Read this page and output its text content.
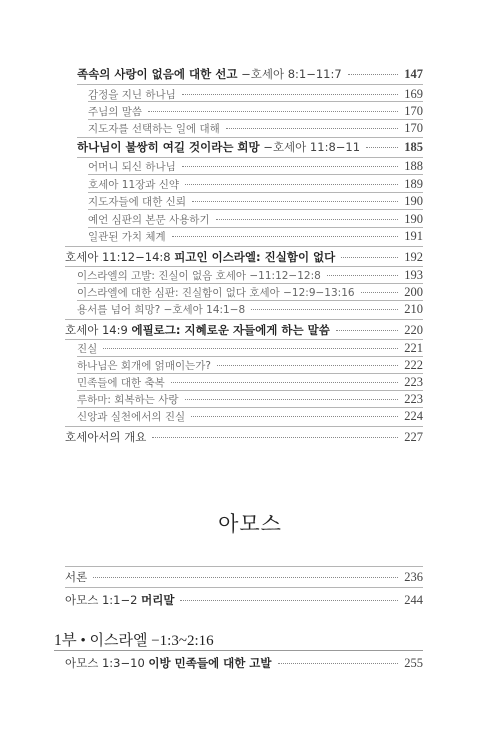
족속의 사랑이 없음에 대한 선고 −호세아 8:1−11:7	147
감정을 지닌 하나님	169
주님의 말씀	170
지도자를 선택하는 일에 대해	170
하나님이 불쌍히 여길 것이라는 희망 −호세아 11:8−11	185
어머니 되신 하나님	188
호세아 11장과 신약	189
지도자들에 대한 신뢰	190
예언 심판의 본문 사용하기	190
일관된 가치 체계	191
호세아 11:12−14:8 피고인 이스라엘: 진실함이 없다	192
이스라엘의 고발: 진실이 없음 호세아 −11:12−12:8	193
이스라엘에 대한 심판: 진실함이 없다 호세아 −12:9−13:16	200
용서를 넘어 희망? −호세아 14:1−8	210
호세아 14:9 에필로그: 지혜로운 자들에게 하는 말씀	220
진실	221
하나님은 회개에 얽매이는가?	222
민족들에 대한 축복	223
루하마: 회복하는 사랑	223
신앙과 실천에서의 진실	224
호세아서의 개요	227
아모스
서론	236
아모스 1:1−2 머리말	244
1부 • 이스라엘 −1:3~2:16
아모스 1:3−10 이방 민족들에 대한 고발	255
